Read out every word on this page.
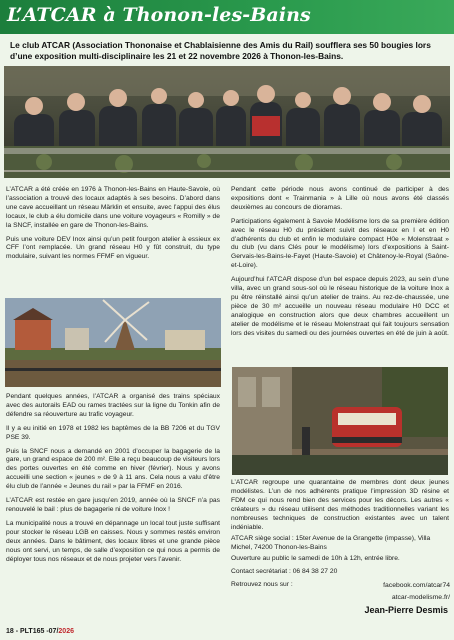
L’ATCAR à Thonon-les-Bains
Le club ATCAR (Association Thononaise et Chablaisienne des Amis du Rail) soufflera ses 50 bougies lors d’une exposition multi-disciplinaire les 21 et 22 novembre 2026 à Thonon-les-Bains.

L’ATCAR a été créée en 1976 à Thonon-les-Bains en Haute-Savoie, où l’association a trouvé des locaux adaptés à ses besoins. D’abord dans une cave accueillant un réseau Märklin et ensuite, avec l’appui des élus locaux, le club a élu domicile dans une voiture voyageurs « Romilly » de la SNCF, installée en gare de Thonon-les-Bains.

Puis une voiture DEV Inox ainsi qu’un petit fourgon atelier à essieux ex CFF l’ont remplacée. Un grand réseau H0 y fût construit, du type modulaire, suivant les normes FFMF en vigueur.

Pendant cette période nous avons continué de participer à des expositions dont « Trainmania » à Lille où nous avons été classés deuxièmes au concours de dioramas.

Participations également à Savoie Modélisme lors de sa première édition avec le réseau H0 du président suivit des réseaux en I et en H0 d’adhérents du club et enfin le modulaire compact H0e « Molenstraat » du club (vu dans Clés pour le modélisme) lors d’expositions à Saint-Gervais-les-Bains-le-Fayet (Haute-Savoie) et Châtenoy-le-Royal (Saône-et-Loire).

Aujourd’hui l’ATCAR dispose d’un bel espace depuis 2023, au sein d’une villa, avec un grand sous-sol où le réseau historique de la voiture Inox a pu être réinstallé ainsi qu’un atelier de trains. Au rez-de-chaussée, une pièce de 30 m² accueille un nouveau réseau modulaire H0 DCC et analogique en construction alors que deux chambres accueillent un atelier de modélisme et le réseau Molenstraat qui fait toujours sensation lors des visites du samedi ou des journées ouvertes en été de juin à août.

Pendant quelques années, l’ATCAR a organisé des trains spéciaux avec des autorails EAD ou rames tractées sur la ligne du Tonkin afin de défendre sa réouverture au trafic voyageur.

Il y a eu initié en 1978 et 1982 les baptêmes de la BB 7206 et du TGV PSE 39.

Puis la SNCF nous a demandé en 2001 d’occuper la bagagerie de la gare, un grand espace de 200 m². Elle a reçu beaucoup de visiteurs lors des portes ouvertes en été comme en hiver (février). Nous y avons accueilli une section « jeunes » de 9 à 11 ans. Cela nous a valu d’être élu club de l’année « Jeunes du rail » par la FFMF en 2016.

L’ATCAR est restée en gare jusqu’en 2019, année où la SNCF n’a pas renouvelé le bail : plus de bagagerie ni de voiture Inox !

La municipalité nous a trouvé en dépannage un local tout juste suffisant pour stocker le réseau LGB en caisses. Nous y sommes restés environ deux années. Dans le bâtiment, des locaux libres et une grande pièce nous ont servi, un temps, de salle d’exposition ce qui nous a permis de déployer tous nos réseaux et de nous projeter vers l’avenir.

L’ATCAR regroupe une quarantaine de membres dont deux jeunes modélistes. L’un de nos adhérents pratique l’impression 3D résine et FDM ce qui nous rend bien des services pour les décors. Les autres « créateurs » du réseau utilisent des méthodes traditionnelles variant les nombreuses techniques de construction existantes avec un talent indéniable.

ATCAR siège social : 15ter Avenue de la Grangette (impasse), Villa Michel, 74200 Thonon-les-Bains
Ouverture au public le samedi de 10h à 12h, entrée libre.
Contact secrétariat : 06 84 38 27 20
Retrouvez nous sur :	facebook.com/atcar74
atcar-modelisme.fr/
Jean-Pierre Desmis
18 - PLT165 -07/2026
